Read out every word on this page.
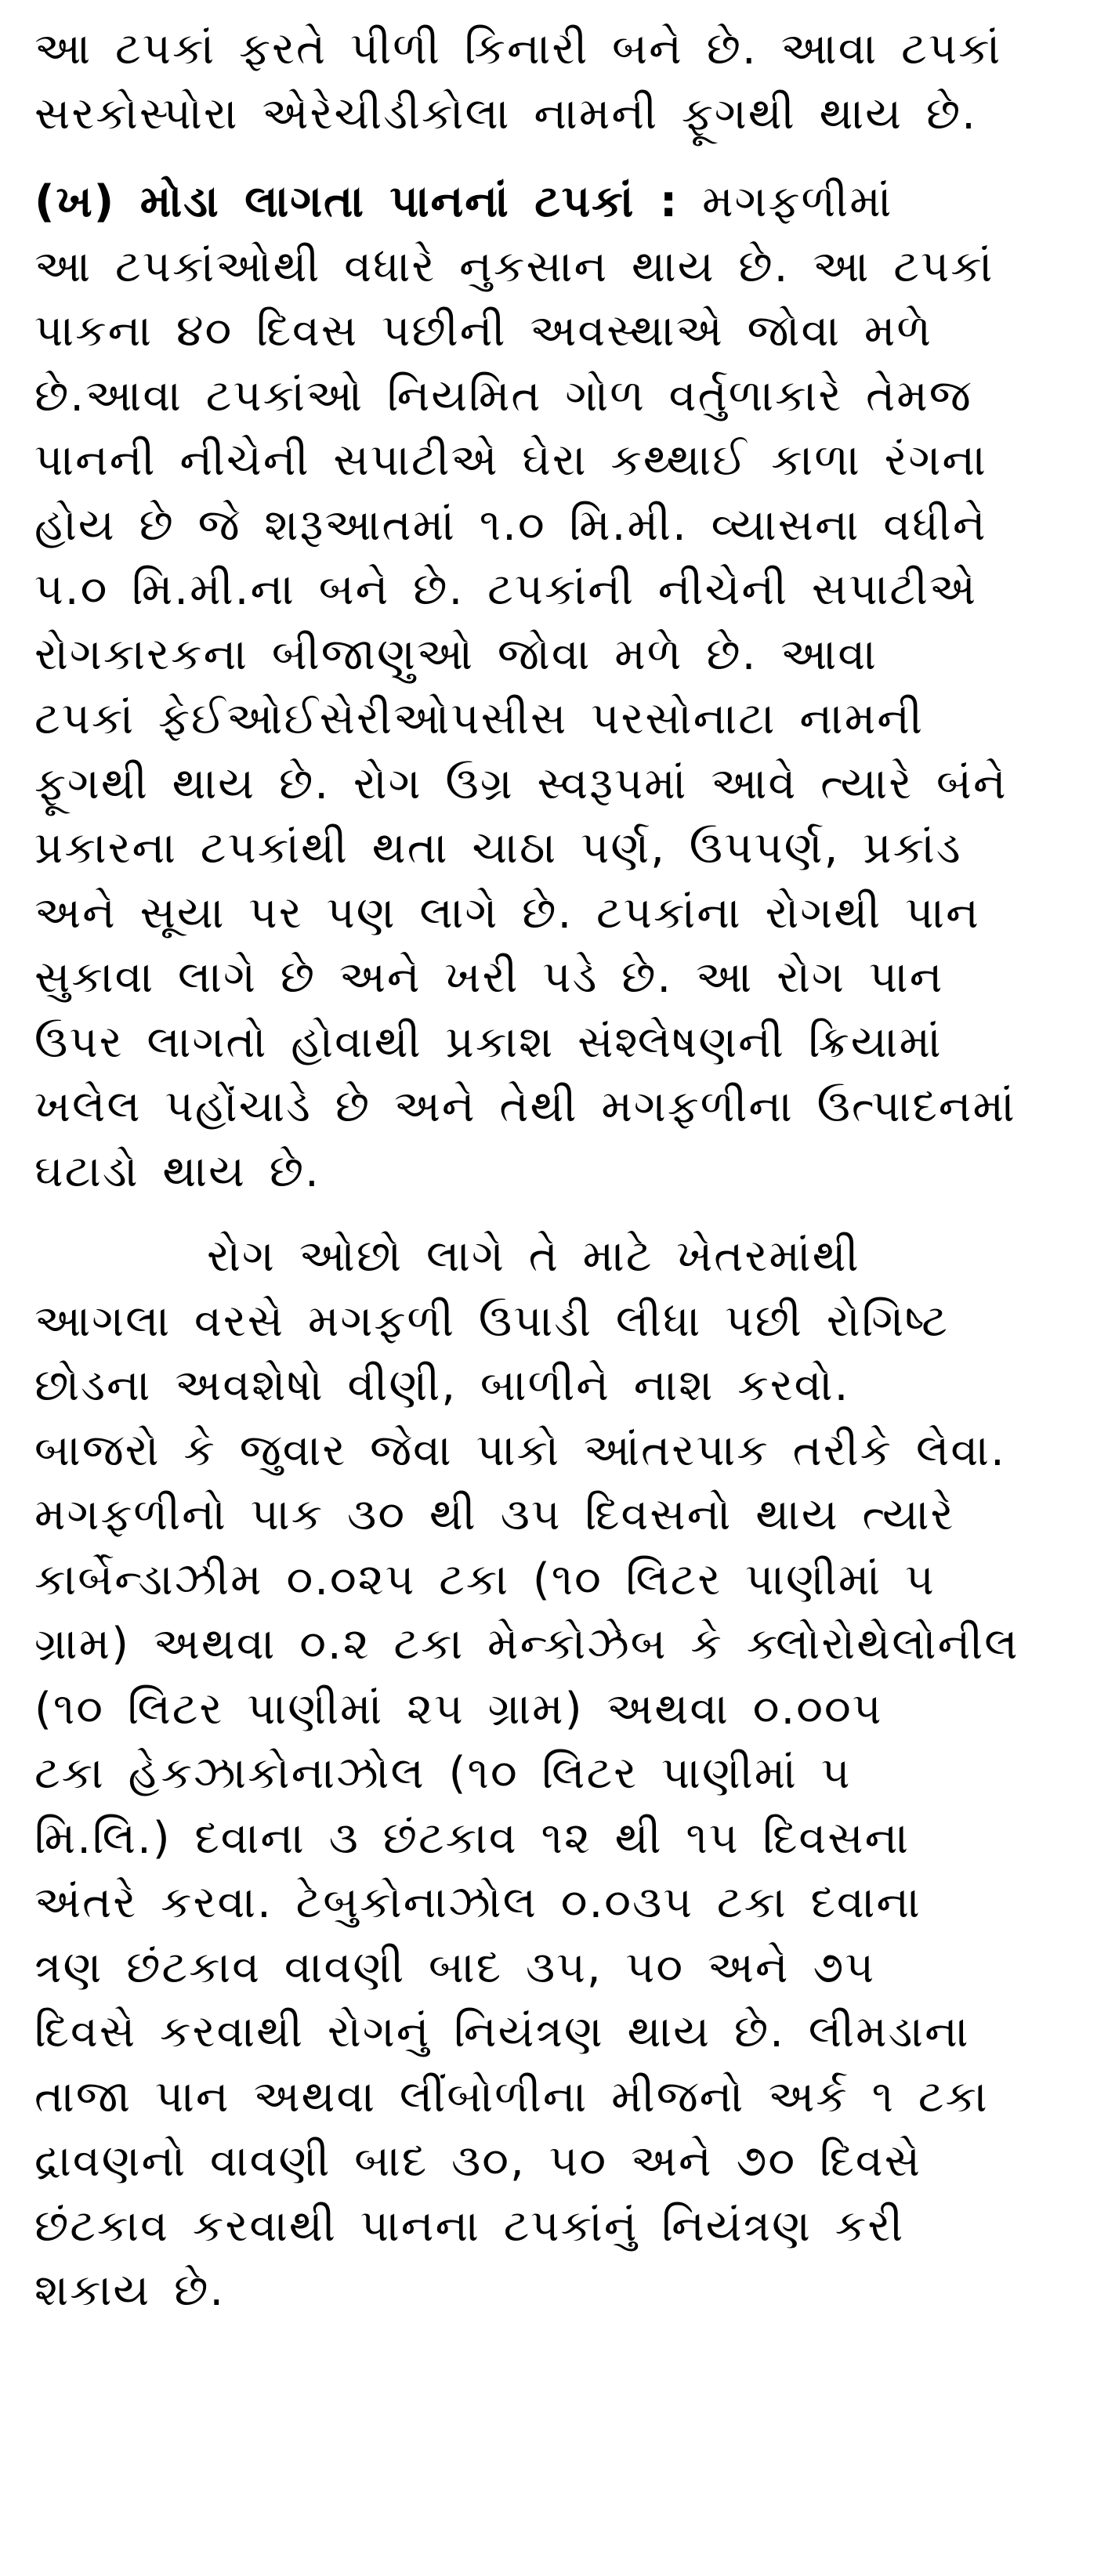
આ ટપકાં ફરતે પીળી કિનારી બને છે. આવા ટપકાં
સરકોસ્પોરા એરેચીડીકોલા નામની ફૂગથી થાય છે.

(ખ) મોડા લાગતા પાનનાં ટપકાં : મગફળીમાં
આ ટપકાંઓથી વધારે નુકસાન થાય છે. આ ટપકાં
પાકના ૪૦ દિવસ પછીની અવસ્થાએ જોવા મળે
છે.આવા ટપકાંઓ નિયમિત ગોળ વર્તુળાકારે તેમજ
પાનની નીચેની સપાટીએ ઘેરા કથ્થાઈ કાળા રંગના
હોય છે જે શરૂઆતમાં ૧.૦ મિ.મી. વ્યાસના વધીને
૫.૦ મિ.મી.ના બને છે. ટપકાંની નીચેની સપાટીએ
રોગકારકના બીજાણુઓ જોવા મળે છે. આવા
ટપકાં ફેઈઓઈસેરીઓપસીસ પરસોનાટા નામની
ફૂગથી થાય છે. રોગ ઉગ્ર સ્વરૂપમાં આવે ત્યારે બંને
પ્રકારના ટપકાંથી થતા ચાઠા પર્ણ, ઉપપર્ણ, પ્રકાંડ
અને સૂયા પર પણ લાગે છે. ટપકાંના રોગથી પાન
સુકાવા લાગે છે અને ખરી પડે છે. આ રોગ પાન
ઉપર લાગતો હોવાથી પ્રકાશ સંશ્લેષણની ક્રિયામાં
ખલેલ પહોંચાડે છે અને તેથી મગફળીના ઉત્પાદનમાં
ઘટાડો થાય છે.

રોગ ઓછો લાગે તે માટે ખેતરમાંથી
આગલા વરસે મગફળી ઉપાડી લીધા પછી રોગિષ્ટ
છોડના અવશેષો વીણી, બાળીને નાશ કરવો.
બાજરો કે જુવાર જેવા પાકો આંતરપાક તરીકે લેવા.
મગફળીનો પાક ૩૦ થી ૩૫ દિવસનો થાય ત્યારે
કાર્બેન્ડાઝીમ ૦.૦૨૫ ટકા (૧૦ લિટર પાણીમાં ૫
ગ્રામ) અથવા ૦.૨ ટકા મેન્કોઝેબ કે ક્લોરોથેલોનીલ
(૧૦ લિટર પાણીમાં ૨૫ ગ્રામ) અથવા ૦.૦૦૫
ટકા હેકઝાકોનાઝોલ (૧૦ લિટર પાણીમાં ૫
મિ.લિ.) દવાના ૩ છંટકાવ ૧૨ થી ૧૫ દિવસના
અંતરે કરવા. ટેબુકોનાઝોલ ૦.૦૩૫ ટકા દવાના
ત્રણ છંટકાવ વાવણી બાદ ૩૫, ૫૦ અને ૭૫
દિવસે કરવાથી રોગનું નિયંત્રણ થાય છે. લીમડાના
તાજા પાન અથવા લીંબોળીના મીજનો અર્ક ૧ ટકા
દ્રાવણનો વાવણી બાદ ૩૦, ૫૦ અને ૭૦ દિવસે
છંટકાવ કરવાથી પાનના ટપકાંનું નિયંત્રણ કરી
શકાય છે.
